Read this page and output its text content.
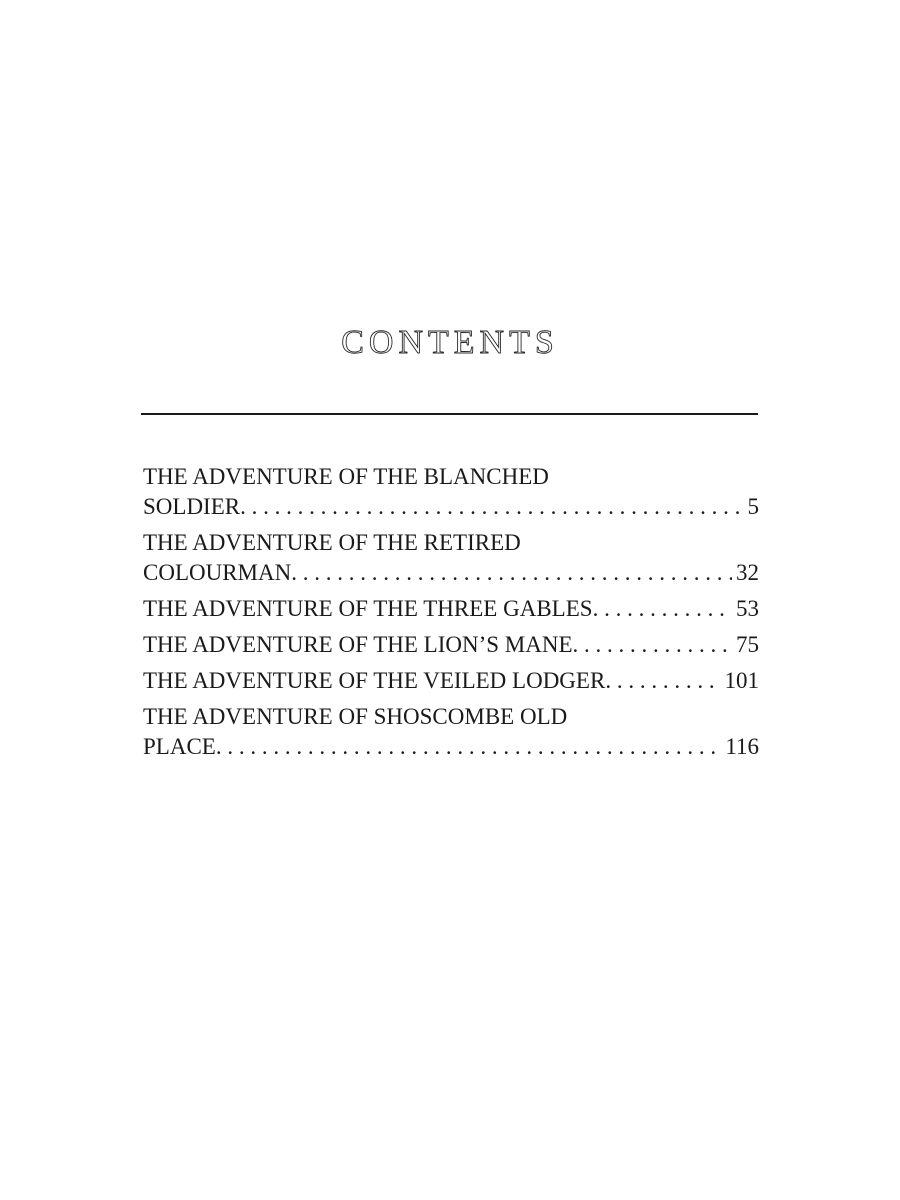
CONTENTS
THE ADVENTURE OF THE BLANCHED
SOLDIER . . .	5
THE ADVENTURE OF THE RETIRED
COLOURMAN . . .	32
THE ADVENTURE OF THE THREE GABLES . . .	53
THE ADVENTURE OF THE LION’S MANE . . .	75
THE ADVENTURE OF THE VEILED LODGER . . .	101
THE ADVENTURE OF SHOSCOMBE OLD
PLACE . . .	116
